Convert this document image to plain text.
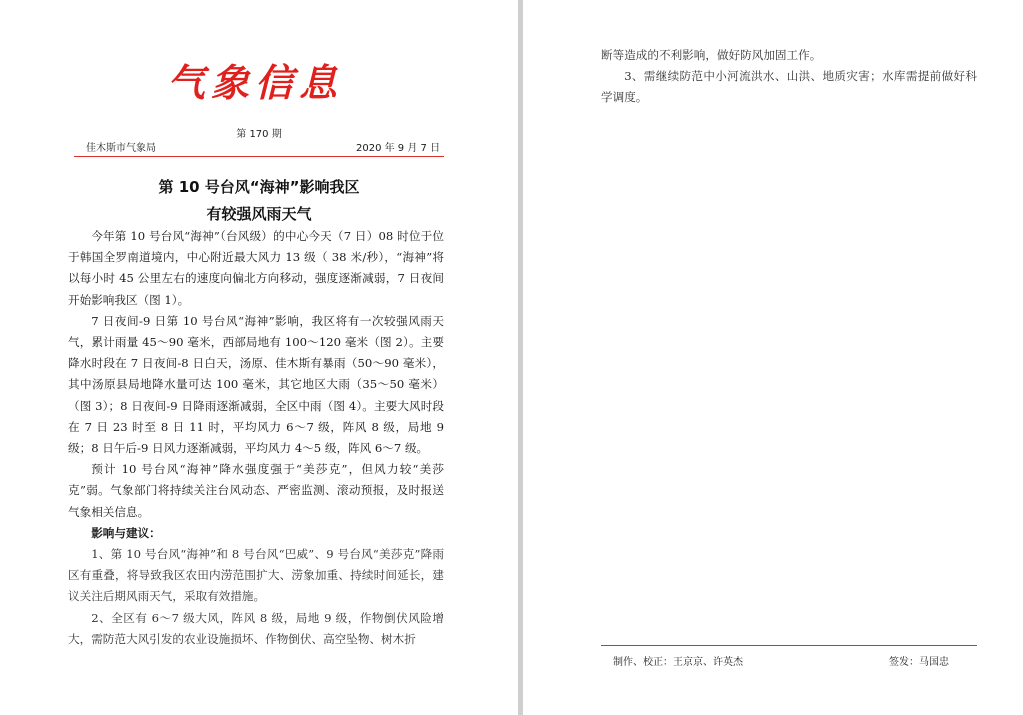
气象信息
第 170 期
佳木斯市气象局	2020 年 9 月 7 日
第 10 号台风“海神”影响我区
有较强风雨天气

今年第 10 号台风“海神”（台风级）的中心今天（7 日）08 时位于位于韩国全罗南道境内，中心附近最大风力 13 级（ 38 米/秒），“海神”将以每小时 45 公里左右的速度向偏北方向移动，强度逐渐减弱，7 日夜间开始影响我区（图 1）。

7 日夜间-9 日第 10 号台风“海神”影响，我区将有一次较强风雨天气，累计雨量 45～90 毫米，西部局地有 100～120 毫米（图 2）。主要降水时段在 7 日夜间-8 日白天，汤原、佳木斯有暴雨（50～90 毫米），其中汤原县局地降水量可达 100 毫米，其它地区大雨（35～50 毫米）（图 3）；8 日夜间-9 日降雨逐渐减弱，全区中雨（图 4）。主要大风时段在 7 日 23 时至 8 日 11 时，平均风力 6～7 级，阵风 8 级，局地 9 级；8 日午后-9 日风力逐渐减弱，平均风力 4～5 级，阵风 6～7 级。

预计 10 号台风“海神”降水强度强于“美莎克”，但风力较“美莎克”弱。气象部门将持续关注台风动态、严密监测、滚动预报，及时报送气象相关信息。

影响与建议：

1、第 10 号台风“海神”和 8 号台风“巴威”、9 号台风“美莎克”降雨区有重叠，将导致我区农田内涝范围扩大、涝象加重、持续时间延长，建议关注后期风雨天气，采取有效措施。

2、全区有 6～7 级大风，阵风 8 级，局地 9 级，作物倒伏风险增大，需防范大风引发的农业设施损坏、作物倒伏、高空坠物、树木折

断等造成的不利影响，做好防风加固工作。

3、需继续防范中小河流洪水、山洪、地质灾害；水库需提前做好科学调度。

制作、校正：王京京、许英杰	签发：马国忠
